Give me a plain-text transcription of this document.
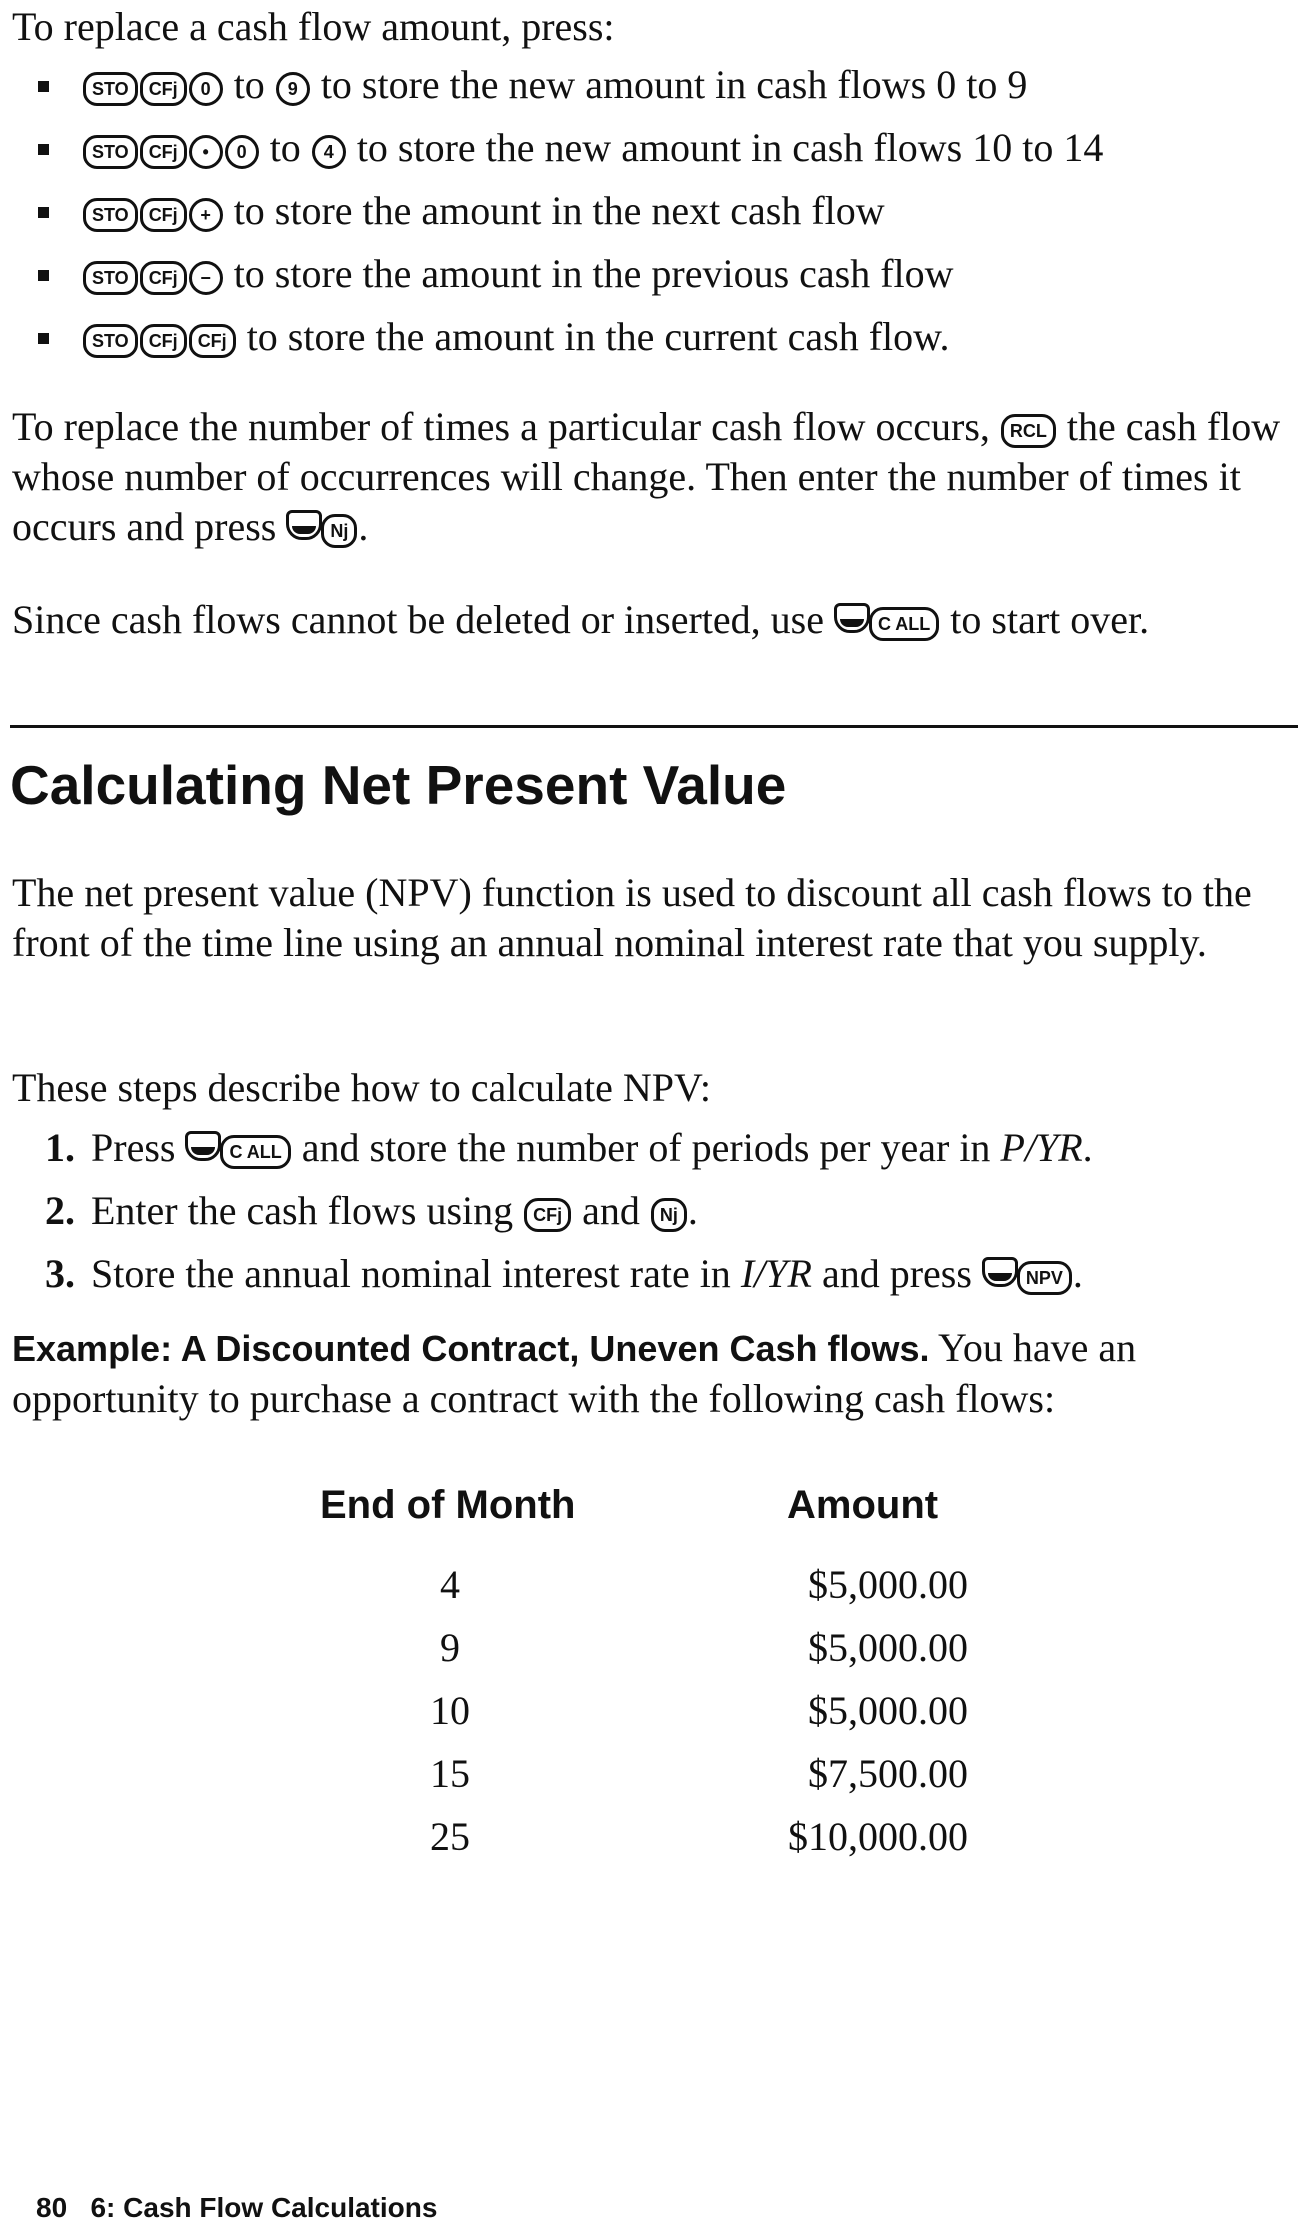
To replace a cash flow amount, press:

STO CFj 0 to 9 to store the new amount in cash flows 0 to 9
STO CFj • 0 to 4 to store the new amount in cash flows 10 to 14
STO CFj + to store the amount in the next cash flow
STO CFj − to store the amount in the previous cash flow
STO CFj CFj to store the amount in the current cash flow.

To replace the number of times a particular cash flow occurs, RCL the cash flow whose number of occurrences will change. Then enter the number of times it occurs and press	Nj .

Since cash flows cannot be deleted or inserted, use	C ALL to start over.

Calculating Net Present Value

The net present value (NPV) function is used to discount all cash flows to the front of the time line using an annual nominal interest rate that you supply.

These steps describe how to calculate NPV:

1. Press	C ALL and store the number of periods per year in P/YR.
2. Enter the cash flows using CFj and Nj .
3. Store the annual nominal interest rate in I/YR and press	NPV .

Example: A Discounted Contract, Uneven Cash flows. You have an opportunity to purchase a contract with the following cash flows:

End of Month	Amount
4	$5,000.00
9	$5,000.00
10	$5,000.00
15	$7,500.00
25	$10,000.00
80   6: Cash Flow Calculations
